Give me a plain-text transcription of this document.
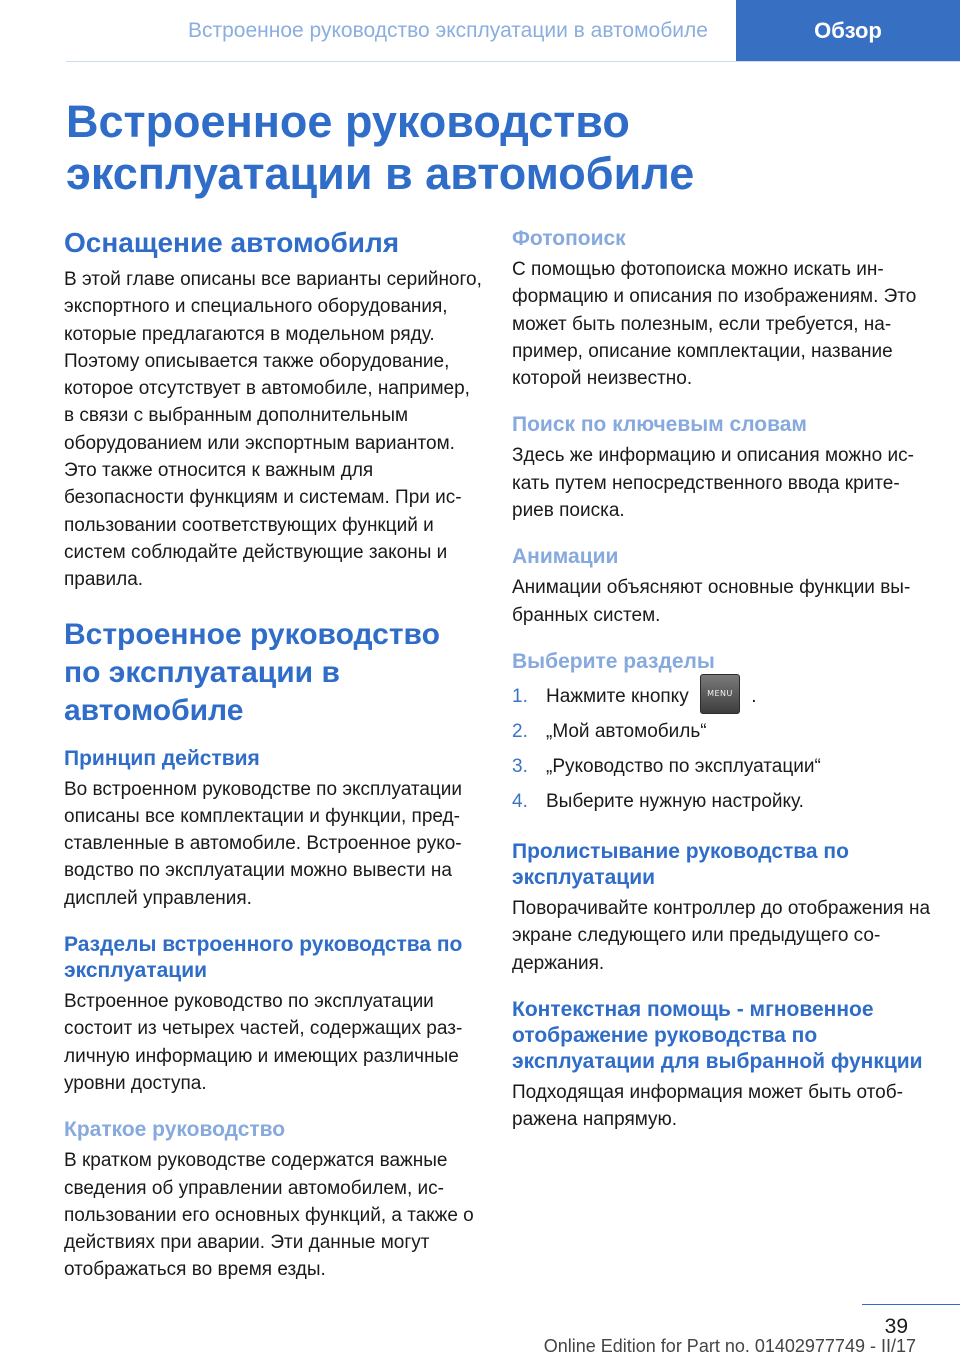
Встроенное руководство эксплуатации в автомобиле	Обзор
Встроенное руководство эксплуатации в автомобиле
Оснащение автомобиля

В этой главе описаны все варианты серийного, экспортного и специального оборудования, которые предлагаются в модельном ряду. Поэтому описывается также оборудование, которое отсутствует в автомобиле, например, в связи с выбранным дополнительным оборудованием или экспортным вариантом. Это также относится к важным для безопасности функциям и системам. При использовании соответствующих функций и систем соблюдайте действующие законы и правила.

Встроенное руководство по эксплуатации в автомобиле
Принцип действия

Во встроенном руководстве по эксплуатации описаны все комплектации и функции, представленные в автомобиле. Встроенное руководство по эксплуатации можно вывести на дисплей управления.

Разделы встроенного руководства по эксплуатации

Встроенное руководство по эксплуатации состоит из четырех частей, содержащих различную информацию и имеющих различные уровни доступа.

Краткое руководство

В кратком руководстве содержатся важные сведения об управлении автомобилем, использовании его основных функций, а также о действиях при аварии. Эти данные могут отображаться во время езды.

Фотопоиск

С помощью фотопоиска можно искать информацию и описания по изображениям. Это может быть полезным, если требуется, например, описание комплектации, название которой неизвестно.

Поиск по ключевым словам

Здесь же информацию и описания можно искать путем непосредственного ввода критериев поиска.

Анимации

Анимации объясняют основные функции выбранных систем.

Выберите разделы
1. Нажмите кнопку MENU .
2. „Мой автомобиль“
3. „Руководство по эксплуатации“
4. Выберите нужную настройку.
Пролистывание руководства по эксплуатации

Поворачивайте контроллер до отображения на экране следующего или предыдущего содержания.

Контекстная помощь - мгновенное отображение руководства по эксплуатации для выбранной функции

Подходящая информация может быть отображена напрямую.

39
Online Edition for Part no. 01402977749 - II/17
